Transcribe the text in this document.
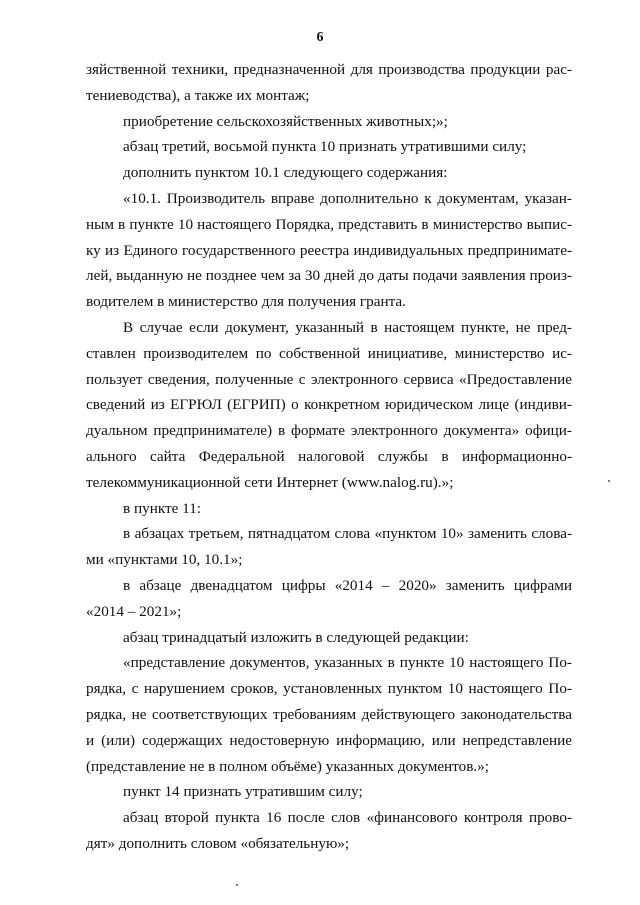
6
зяйственной техники, предназначенной для производства продукции рас-
тениеводства), а также их монтаж;
приобретение сельскохозяйственных животных;»;
абзац третий, восьмой пункта 10 признать утратившими силу;
дополнить пунктом 10.1 следующего содержания:
«10.1. Производитель вправе дополнительно к документам, указан-
ным в пункте 10 настоящего Порядка, представить в министерство выпис-
ку из Единого государственного реестра индивидуальных предпринимате-
лей, выданную не позднее чем за 30 дней до даты подачи заявления произ-
водителем в министерство для получения гранта.
В случае если документ, указанный в настоящем пункте, не пред-
ставлен производителем по собственной инициативе, министерство ис-
пользует сведения, полученные с электронного сервиса «Предоставление
сведений из ЕГРЮЛ (ЕГРИП) о конкретном юридическом лице (индиви-
дуальном предпринимателе) в формате электронного документа» офици-
ального сайта Федеральной налоговой службы в информационно-
телекоммуникационной сети Интернет (www.nalog.ru).»;
в пункте 11:
в абзацах третьем, пятнадцатом слова «пунктом 10» заменить слова-
ми «пунктами 10, 10.1»;
в абзаце двенадцатом цифры «2014 – 2020» заменить цифрами
«2014 – 2021»;
абзац тринадцатый изложить в следующей редакции:
«представление документов, указанных в пункте 10 настоящего По-
рядка, с нарушением сроков, установленных пунктом 10 настоящего По-
рядка, не соответствующих требованиям действующего законодательства
и (или) содержащих недостоверную информацию, или непредставление
(представление не в полном объёме) указанных документов.»;
пункт 14 признать утратившим силу;
абзац второй пункта 16 после слов «финансового контроля прово-
дят» дополнить словом «обязательную»;
